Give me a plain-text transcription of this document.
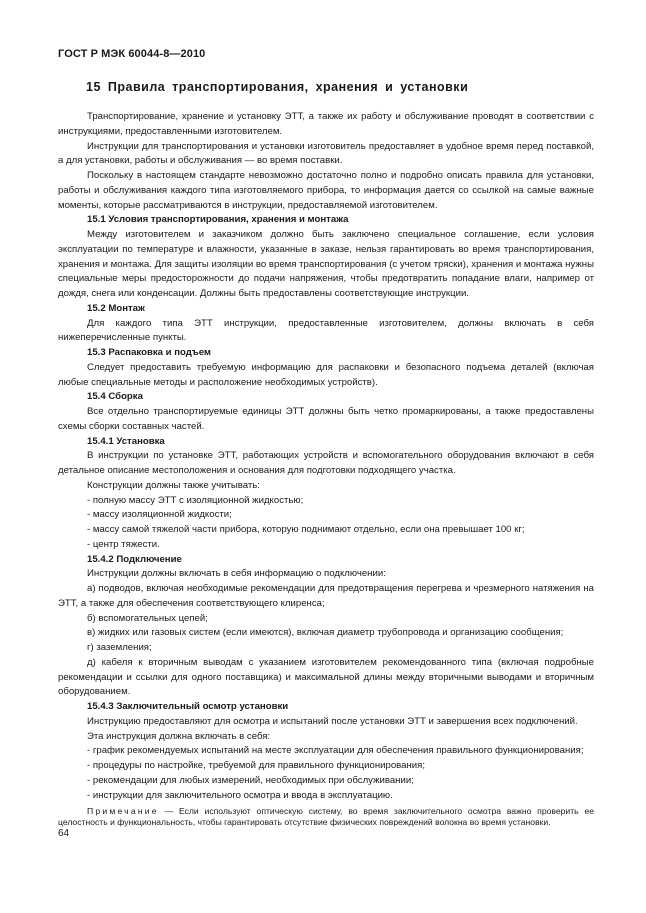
ГОСТ Р МЭК 60044-8—2010
15 Правила транспортирования, хранения и установки

Транспортирование, хранение и установку ЭТТ, а также их работу и обслуживание проводят в соответствии с инструкциями, предоставленными изготовителем.

Инструкции для транспортирования и установки изготовитель предоставляет в удобное время перед поставкой, а для установки, работы и обслуживания — во время поставки.

Поскольку в настоящем стандарте невозможно достаточно полно и подробно описать правила для установки, работы и обслуживания каждого типа изготовляемого прибора, то информация дается со ссылкой на самые важные моменты, которые рассматриваются в инструкции, предоставляемой изготовителем.

15.1 Условия транспортирования, хранения и монтажа

Между изготовителем и заказчиком должно быть заключено специальное соглашение, если условия эксплуатации по температуре и влажности, указанные в заказе, нельзя гарантировать во время транспортирования, хранения и монтажа. Для защиты изоляции во время транспортирования (с учетом тряски), хранения и монтажа нужны специальные меры предосторожности до подачи напряжения, чтобы предотвратить попадание влаги, например от дождя, снега или конденсации. Должны быть предоставлены соответствующие инструкции.

15.2 Монтаж

Для каждого типа ЭТТ инструкции, предоставленные изготовителем, должны включать в себя нижеперечисленные пункты.

15.3 Распаковка и подъем

Следует предоставить требуемую информацию для распаковки и безопасного подъема деталей (включая любые специальные методы и расположение необходимых устройств).

15.4 Сборка

Все отдельно транспортируемые единицы ЭТТ должны быть четко промаркированы, а также предоставлены схемы сборки составных частей.

15.4.1 Установка

В инструкции по установке ЭТТ, работающих устройств и вспомогательного оборудования включают в себя детальное описание местоположения и основания для подготовки подходящего участка.

Конструкции должны также учитывать:

- полную массу ЭТТ с изоляционной жидкостью;

- массу изоляционной жидкости;

- массу самой тяжелой части прибора, которую поднимают отдельно, если она превышает 100 кг;

- центр тяжести.

15.4.2 Подключение

Инструкции должны включать в себя информацию о подключении:

а) подводов, включая необходимые рекомендации для предотвращения перегрева и чрезмерного натяжения на ЭТТ, а также для обеспечения соответствующего клиренса;

б) вспомогательных цепей;

в) жидких или газовых систем (если имеются), включая диаметр трубопровода и организацию сообщения;

г) заземления;

д) кабеля к вторичным выводам с указанием изготовителем рекомендованного типа (включая подробные рекомендации и ссылки для одного поставщика) и максимальной длины между вторичными выводами и вторичным оборудованием.

15.4.3 Заключительный осмотр установки

Инструкцию предоставляют для осмотра и испытаний после установки ЭТТ и завершения всех подключений.

Эта инструкция должна включать в себя:

- график рекомендуемых испытаний на месте эксплуатации для обеспечения правильного функционирования;

- процедуры по настройке, требуемой для правильного функционирования;

- рекомендации для любых измерений, необходимых при обслуживании;

- инструкции для заключительного осмотра и ввода в эксплуатацию.

Примечание — Если используют оптическую систему, во время заключительного осмотра важно проверить ее целостность и функциональность, чтобы гарантировать отсутствие физических повреждений волокна во время установки.

64
